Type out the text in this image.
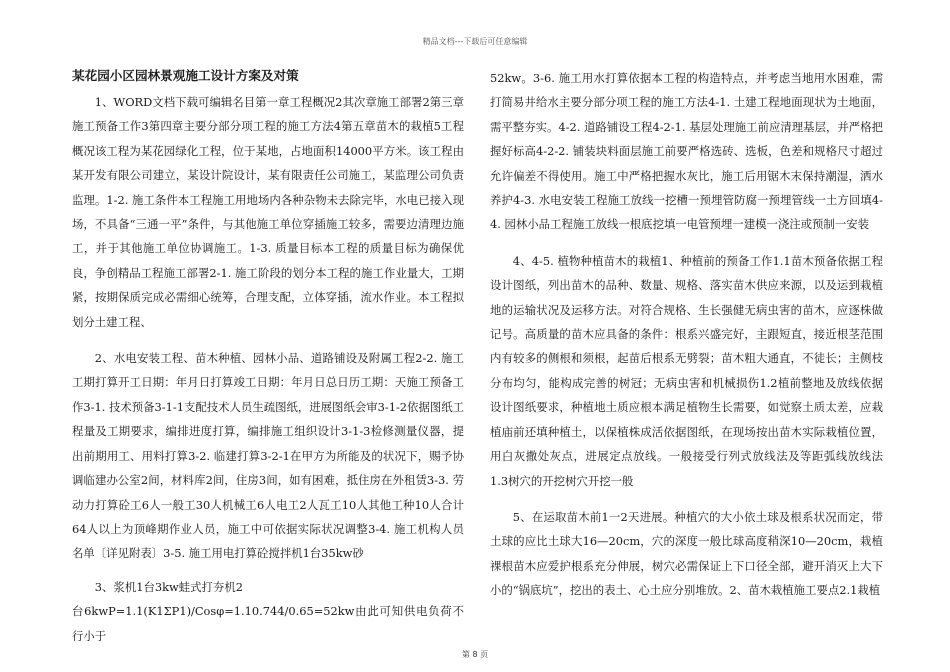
精品文档---下载后可任意编辑
某花园小区园林景观施工设计方案及对策

1、WORD文档下载可编辑名目第一章工程概况2其次章施工部署2第三章施工预备工作3第四章主要分部分项工程的施工方法4第五章苗木的栽植5工程概况该工程为某花园绿化工程，位于某地，占地面积14000平方米。该工程由某开发有限公司建立，某设计院设计，某有限责任公司施工，某监理公司负责监理。1-2. 施工条件本工程施工用地场内各种杂物未去除完毕，水电已接入现场，不具备“三通一平”条件，与其他施工单位穿插施工较多，需要边清理边施工，并于其他施工单位协调施工。1-3. 质量目标本工程的质量目标为确保优良，争创精品工程施工部署2-1. 施工阶段的划分本工程的施工作业量大，工期紧，按期保质完成必需细心统筹，合理支配，立体穿插，流水作业。本工程拟划分土建工程、

2、水电安装工程、苗木种植、园林小品、道路铺设及附属工程2-2. 施工工期打算开工日期：年月日打算竣工日期：年月日总日历工期：天施工预备工作3-1. 技术预备3-1-1支配技术人员生疏图纸，进展图纸会审3-1-2依据图纸工程量及工期要求，编排进度打算，编排施工组织设计3-1-3检修测量仪器，提出前期用工、用料打算3-2. 临建打算3-2-1在甲方为所能及的状况下，赐予协调临建办公室2间，材料库2间，住房3间，如有困难，抵住房在外租赁3-3. 劳动力打算砼工6人一般工30人机械工6人电工2人瓦工10人其他工种10人合计64人以上为顶峰期作业人员，施工中可依据实际状况调整3-4. 施工机构人员名单〔详见附表〕3-5. 施工用电打算砼搅拌机1台35kw砂

3、浆机1台3kw蛙式打夯机2

台6kwP=1.1(K1ΣP1)/Cosφ=1.10.744/0.65=52kw由此可知供电负荷不行小于

52kw。3-6. 施工用水打算依据本工程的构造特点，并考虑当地用水困难，需打简易井给水主要分部分项工程的施工方法4-1. 土建工程地面现状为土地面，需平整夯实。4-2. 道路铺设工程4-2-1. 基层处理施工前应清理基层，并严格把握好标高4-2-2. 铺装块料面层施工前要严格选砖、选板，色差和规格尺寸超过允许偏差不得使用。施工中严格把握水灰比，施工后用锯木末保持潮湿，洒水养护4-3. 水电安装工程施工放线一挖槽一预埋管防腐一预埋管线一土方回填4-4. 园林小品工程施工放线一根底挖填一电管预埋一建模一浇注或预制一安装

4、4-5. 植物种植苗木的栽植1、种植前的预备工作1.1苗木预备依据工程设计图纸，列出苗木的品种、数量、规格、落实苗木供应来源，以及运到栽植地的运输状况及运移方法。对符合规格、生长强健无病虫害的苗木，应逐株做记号。高质量的苗木应具备的条件：根系兴盛完好，主跟短直，接近根茎范围内有较多的侧根和须根，起苗后根系无劈裂；苗木粗大通直，不徒长；主侧枝分布均匀，能构成完善的树冠；无病虫害和机械损伤1.2植前整地及放线依据设计图纸要求，种植地土质应根本满足植物生长需要，如觉察土质太差，应栽植庙前还填种植土，以保植株成活依据图纸，在现场按出苗木实际栽植位置，用白灰撒处灰点，进展定点放线。一般接受行列式放线法及等距弧线放线法1.3树穴的开挖树穴开挖一般

5、在运取苗木前1一2天进展。种植穴的大小依土球及根系状况而定，带土球的应比土球大16—20cm，穴的深度一般比球高度稍深10—20cm，栽植裸根苗木应爱护根系充分伸展，树穴必需保证上下口径全部，避开消灭上大下小的“锅底坑”，挖出的表土、心土应分别堆放。2、苗木栽植施工要点2.1栽植

第 8 页
